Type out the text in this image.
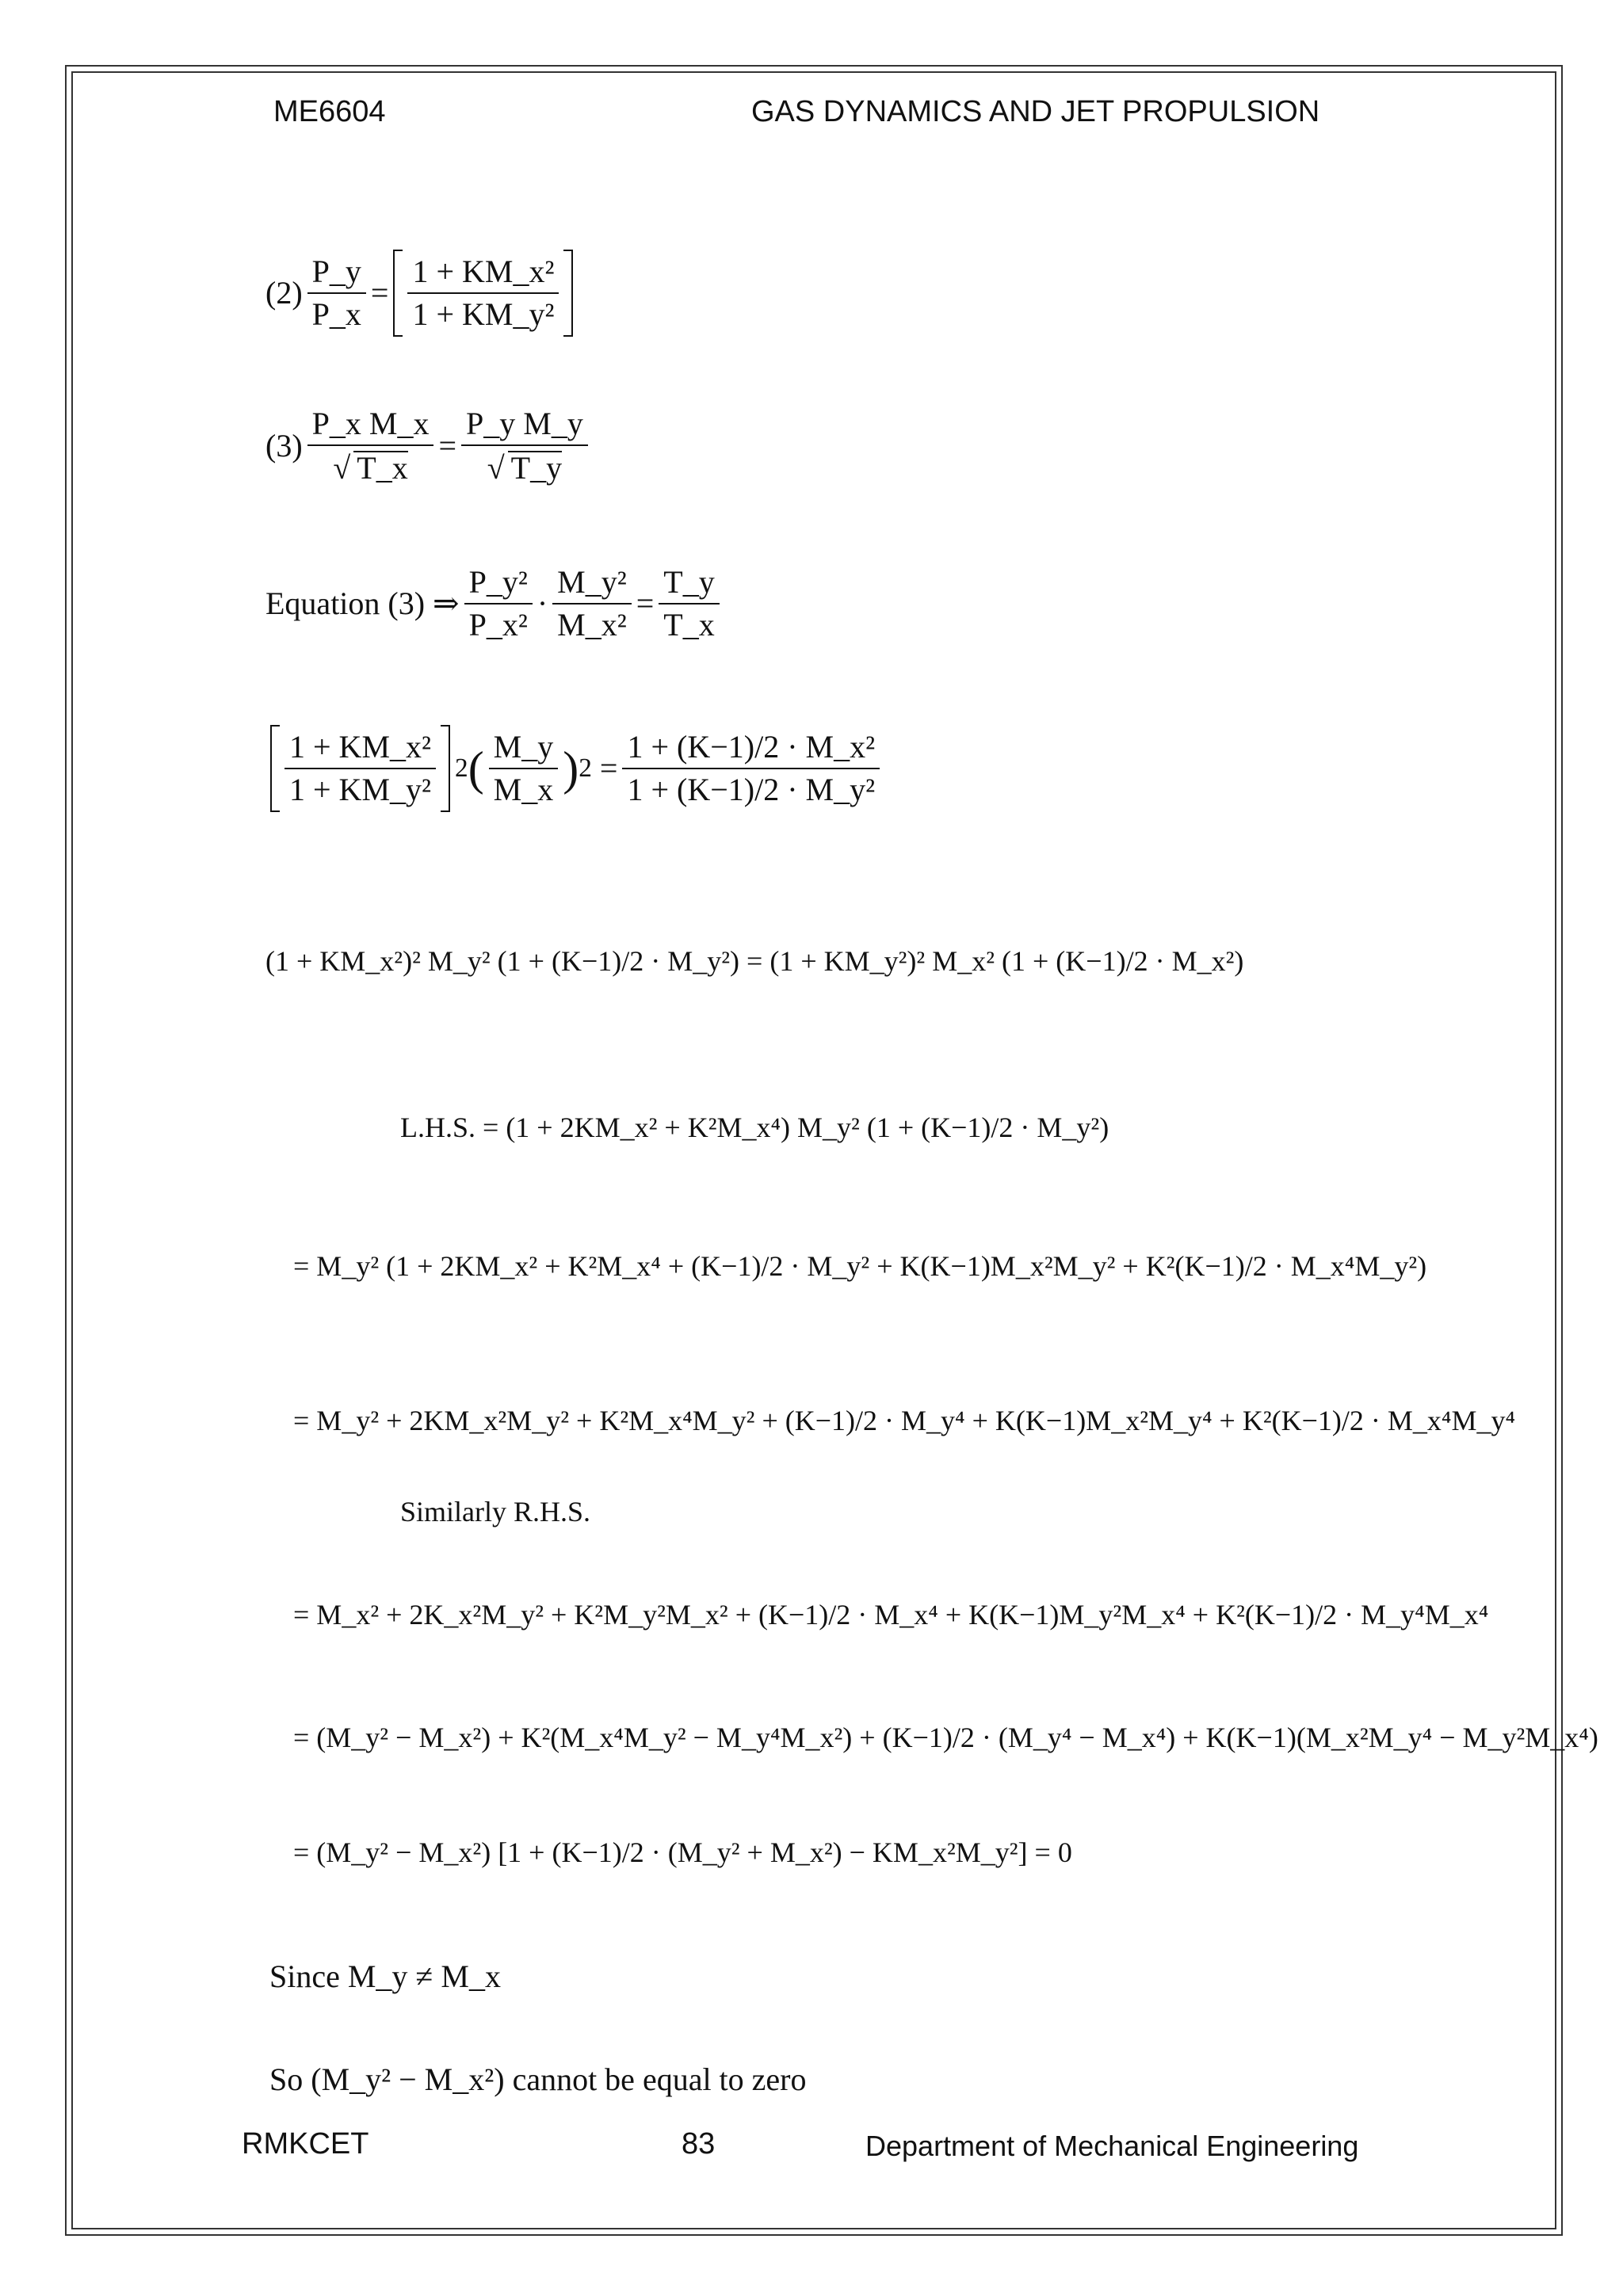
ME6604	GAS DYNAMICS AND JET PROPULSION
$(2) \frac{P\_y}{P\_x} = \frac{\text{1 + KM\_x²}}{\text{1 + KM\_y²}}$
$(3) \frac{\text{P\_x M\_x}}{√ T\_x} = \frac{\text{P\_y M\_y}}{√ T\_y}$
Equation (3) ⇒ $\frac{\text{P\_y²}}{\text{P\_x²}} \cdot \frac{\text{M\_y²}}{\text{M\_x²}} = \frac{T\_y}{T\_x}$
$\frac{\text{1 + KM\_x²}}{\text{1 + KM\_y²}} 2$ ( $\frac{M\_y}{M\_x}$ ) $2 = \frac{\text{1 + (K−1)/2 · M\_x²}}{\text{1 + (K−1)/2 · M\_y²}}$
(1 + KM_x²)² M_y² (1 + (K−1)/2 · M_y²) = (1 + KM_y²)² M_x² (1 + (K−1)/2 · M_x²)
L.H.S. = (1 + 2KM_x² + K²M_x⁴) M_y² (1 + (K−1)/2 · M_y²)
= M_y² (1 + 2KM_x² + K²M_x⁴ + (K−1)/2 · M_y² + K(K−1)M_x²M_y² + K²(K−1)/2 · M_x⁴M_y²)
= M_y² + 2KM_x²M_y² + K²M_x⁴M_y² + (K−1)/2 · M_y⁴ + K(K−1)M_x²M_y⁴ + K²(K−1)/2 · M_x⁴M_y⁴
Similarly R.H.S.
= M_x² + 2K_x²M_y² + K²M_y²M_x² + (K−1)/2 · M_x⁴ + K(K−1)M_y²M_x⁴ + K²(K−1)/2 · M_y⁴M_x⁴
= (M_y² − M_x²) + K²(M_x⁴M_y² − M_y⁴M_x²) + (K−1)/2 · (M_y⁴ − M_x⁴) + K(K−1)(M_x²M_y⁴ − M_y²M_x⁴)
= (M_y² − M_x²) [1 + (K−1)/2 · (M_y² + M_x²) − KM_x²M_y²] = 0
Since M_y ≠ M_x
So (M_y² − M_x²) cannot be equal to zero
RMKCET	83	Department of Mechanical Engineering
